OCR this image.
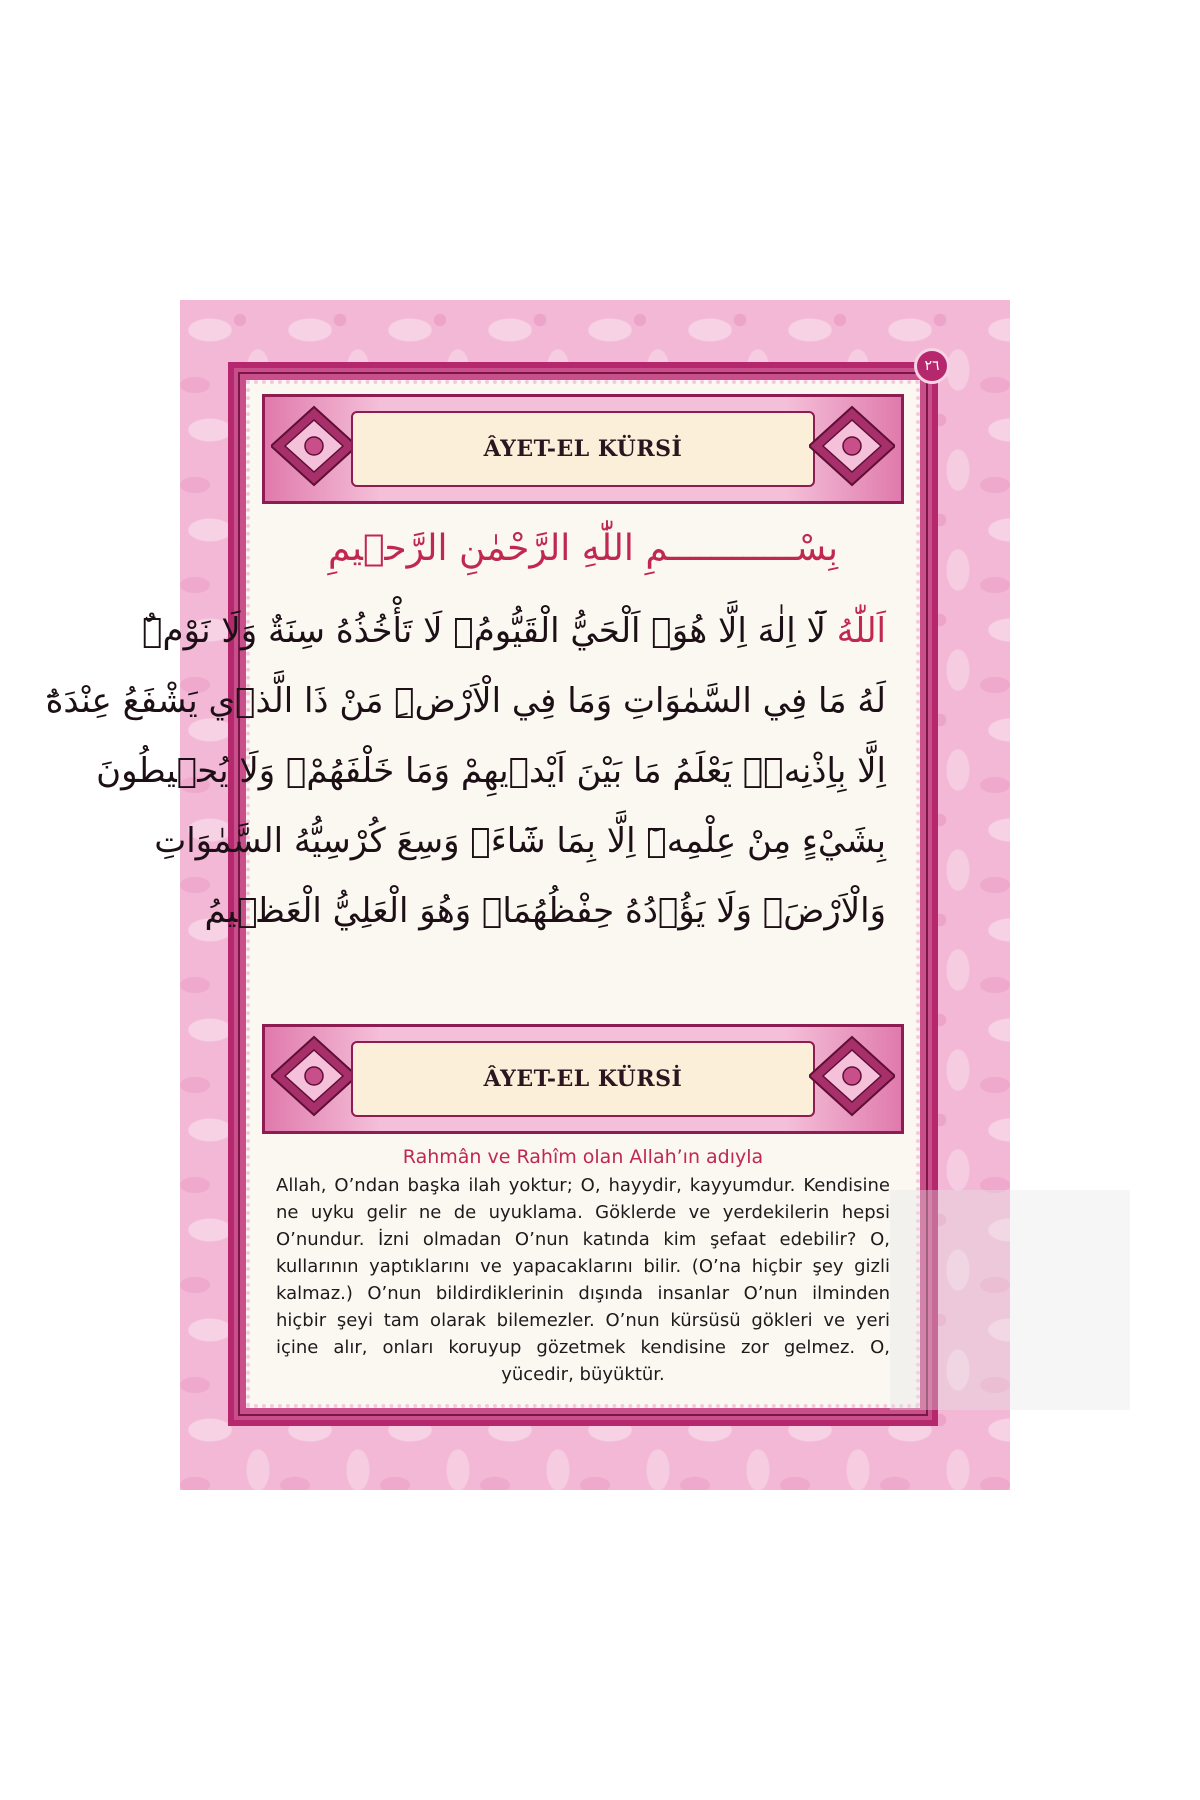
٢٦
ÂYET-EL KÜRSİ

بِسْــــــــــــمِ اللّٰهِ الرَّحْمٰنِ الرَّح۪يمِ

اَللّٰهُ لَٓا اِلٰهَ اِلَّا هُوَۚ اَلْحَيُّ الْقَيُّومُۚ لَا تَأْخُذُهُ سِنَةٌ وَلَا نَوْمٌۜ

لَهُ مَا فِي السَّمٰوَاتِ وَمَا فِي الْاَرْضِۜ مَنْ ذَا الَّذ۪ي يَشْفَعُ عِنْدَهُٓ

اِلَّا بِاِذْنِه۪ۜ يَعْلَمُ مَا بَيْنَ اَيْد۪يهِمْ وَمَا خَلْفَهُمْۚ وَلَا يُح۪يطُونَ

بِشَيْءٍ مِنْ عِلْمِه۪ٓ اِلَّا بِمَا شَٓاءَۚ وَسِعَ كُرْسِيُّهُ السَّمٰوَاتِ

وَالْاَرْضَۚ وَلَا يَؤُ۫دُهُ حِفْظُهُمَاۚ وَهُوَ الْعَلِيُّ الْعَظ۪يمُ

ÂYET-EL KÜRSİ
Rahmân ve Rahîm olan Allah’ın adıyla
Allah, O’ndan başka ilah yoktur; O, hayydir, kayyumdur. Kendisine ne uyku gelir ne de uyuklama. Göklerde ve yerdekilerin hepsi O’nundur. İzni olmadan O’nun katında kim şefaat edebilir? O, kullarının yaptıklarını ve yapacaklarını bilir. (O’na hiçbir şey gizli kalmaz.) O’nun bildirdiklerinin dışında insanlar O’nun ilminden hiçbir şeyi tam olarak bilemezler. O’nun kürsüsü gökleri ve yeri içine alır, onları koruyup gözetmek kendisine zor gelmez. O, yücedir, büyüktür.
